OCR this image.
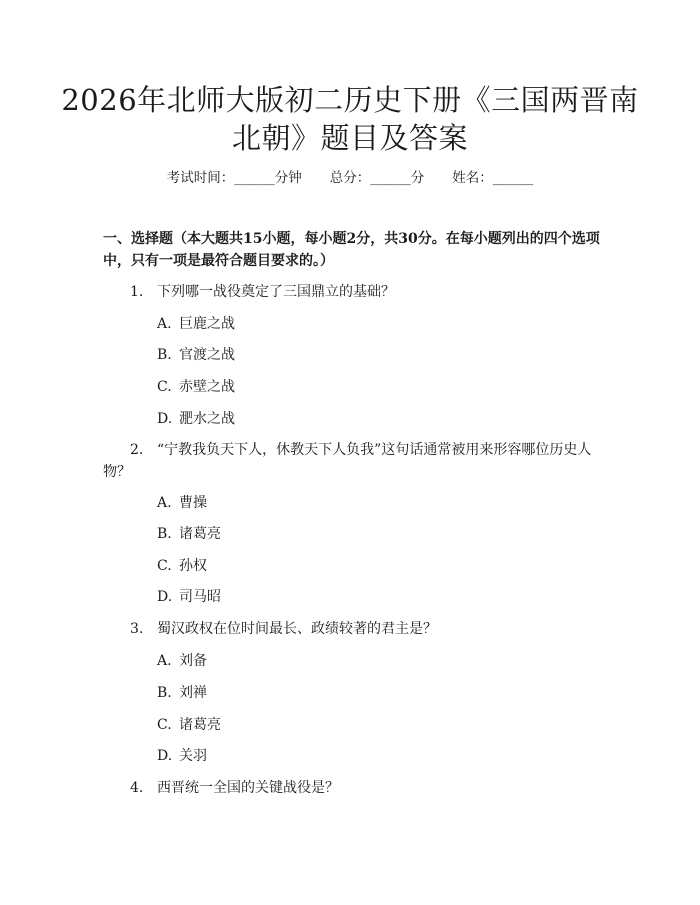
2026年北师大版初二历史下册《三国两晋南
北朝》题目及答案
考试时间：______分钟 总分：______分 姓名：______

一、选择题（本大题共15小题，每小题2分，共30分。在每小题列出的四个选项中，只有一项是最符合题目要求的。）

1. 下列哪一战役奠定了三国鼎立的基础？
A. 巨鹿之战
B. 官渡之战
C. 赤壁之战
D. 淝水之战
2. “宁教我负天下人，休教天下人负我”这句话通常被用来形容哪位历史人物？
A. 曹操
B. 诸葛亮
C. 孙权
D. 司马昭
3. 蜀汉政权在位时间最长、政绩较著的君主是？
A. 刘备
B. 刘禅
C. 诸葛亮
D. 关羽
4. 西晋统一全国的关键战役是？
